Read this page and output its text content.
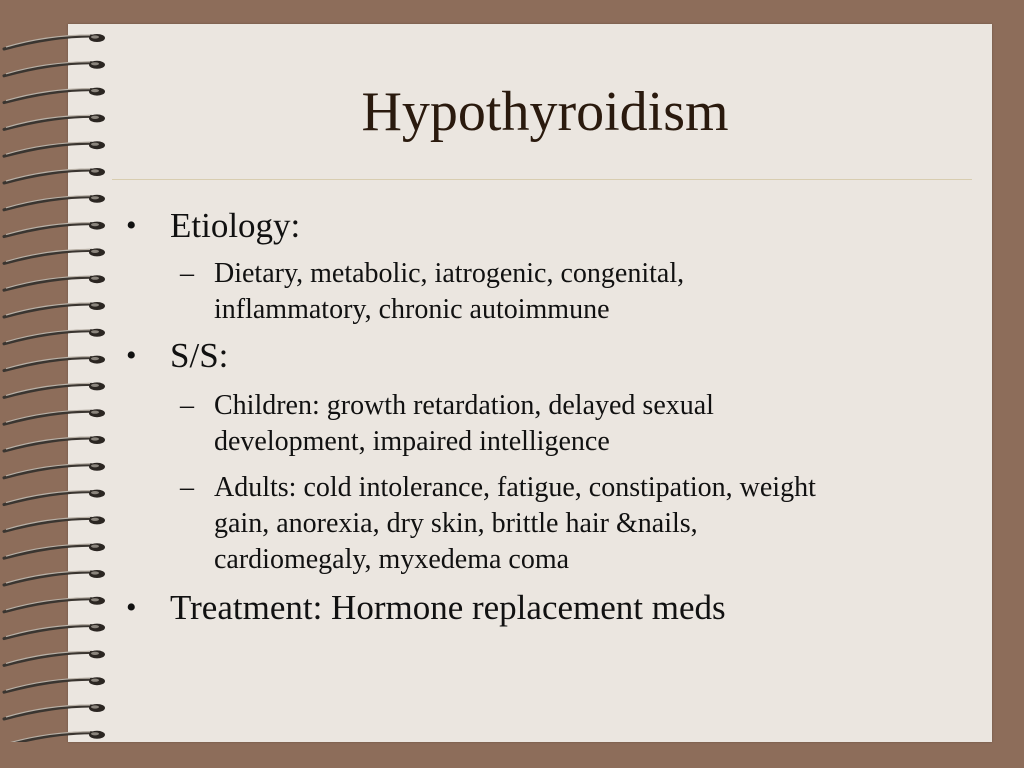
Hypothyroidism
• Etiology:
– Dietary, metabolic, iatrogenic, congenital,
inflammatory, chronic autoimmune
• S/S:
– Children: growth retardation, delayed sexual
development, impaired intelligence
– Adults: cold intolerance, fatigue, constipation, weight
gain, anorexia, dry skin, brittle hair &nails,
cardiomegaly, myxedema coma
• Treatment: Hormone replacement meds
